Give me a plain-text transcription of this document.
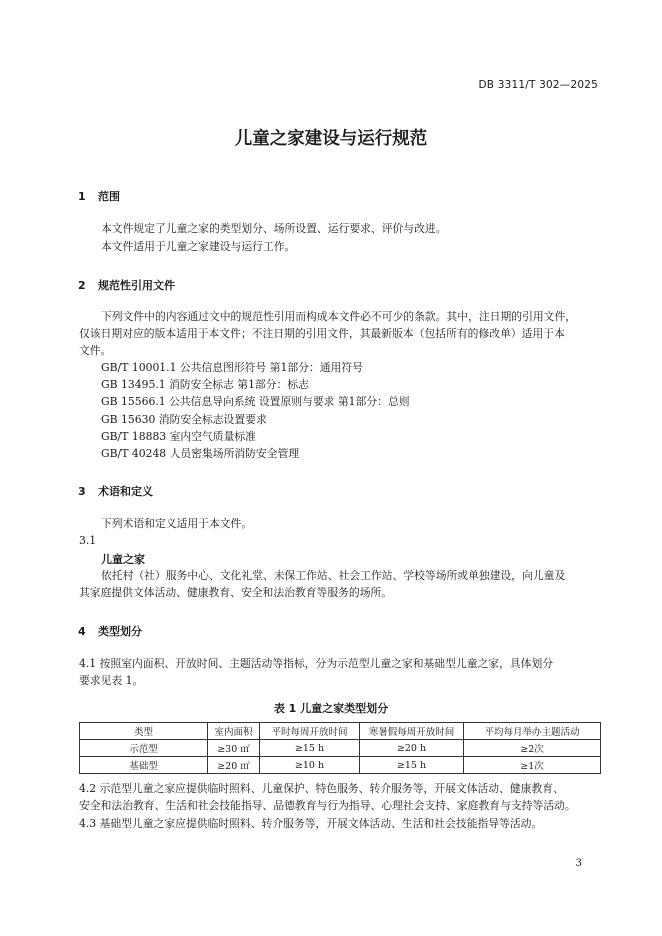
DB 3311/T 302—2025
儿童之家建设与运行规范
1 范围
本文件规定了儿童之家的类型划分、场所设置、运行要求、评价与改进。
本文件适用于儿童之家建设与运行工作。
2 规范性引用文件
下列文件中的内容通过文中的规范性引用而构成本文件必不可少的条款。其中，注日期的引用文件，
仅该日期对应的版本适用于本文件；不注日期的引用文件，其最新版本（包括所有的修改单）适用于本
文件。
GB/T 10001.1 公共信息图形符号 第1部分：通用符号
GB 13495.1 消防安全标志 第1部分：标志
GB 15566.1 公共信息导向系统 设置原则与要求 第1部分：总则
GB 15630 消防安全标志设置要求
GB/T 18883 室内空气质量标准
GB/T 40248 人员密集场所消防安全管理
3 术语和定义
下列术语和定义适用于本文件。
3.1
儿童之家
依托村（社）服务中心、文化礼堂、未保工作站、社会工作站、学校等场所或单独建设，向儿童及
其家庭提供文体活动、健康教育、安全和法治教育等服务的场所。
4 类型划分
4.1 按照室内面积、开放时间、主题活动等指标，分为示范型儿童之家和基础型儿童之家，具体划分
要求见表 1。
表 1 儿童之家类型划分
类型	室内面积	平时每周开放时间	寒暑假每周开放时间	平均每月举办主题活动
示范型	≥30 ㎡	≥15 h	≥20 h	≥2次
基础型	≥20 ㎡	≥10 h	≥15 h	≥1次
4.2 示范型儿童之家应提供临时照料、儿童保护、特色服务、转介服务等，开展文体活动、健康教育、
安全和法治教育、生活和社会技能指导、品德教育与行为指导、心理社会支持、家庭教育与支持等活动。
4.3 基础型儿童之家应提供临时照料、转介服务等，开展文体活动、生活和社会技能指导等活动。
3
